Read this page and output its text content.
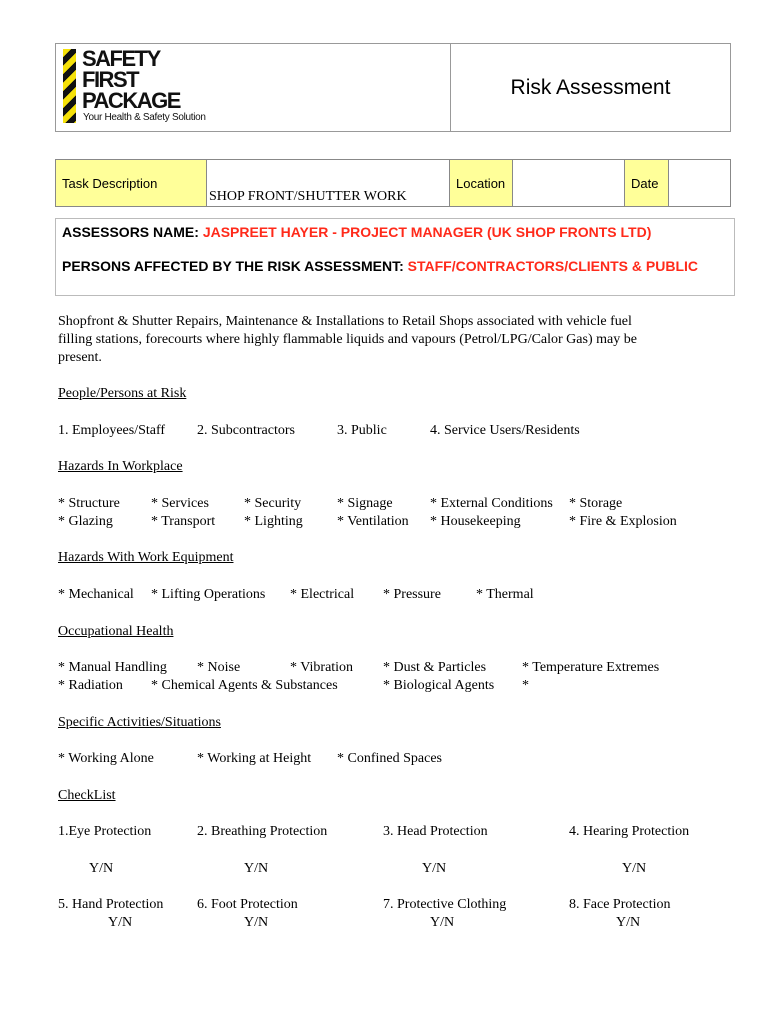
SAFETY
FIRST
PACKAGE
Your Health & Safety Solution
Risk Assessment
Task Description
SHOP FRONT/SHUTTER WORK
Location	Date
ASSESSORS NAME: JASPREET HAYER - PROJECT MANAGER (UK SHOP FRONTS LTD)
PERSONS AFFECTED BY THE RISK ASSESSMENT: STAFF/CONTRACTORS/CLIENTS & PUBLIC
Shopfront & Shutter Repairs, Maintenance & Installations to Retail Shops associated with vehicle fuel
filling stations, forecourts where highly flammable liquids and vapours (Petrol/LPG/Calor Gas) may be
present.
People/Persons at Risk
1. Employees/Staff 2. Subcontractors	3. Public	4. Service Users/Residents
Hazards In Workplace
* Structure * Services	* Security	* Signage	* External Conditions * Storage
* Glazing	* Transport * Lighting * Ventilation * Housekeeping	* Fire & Explosion
Hazards With Work Equipment
* Mechanical * Lifting Operations * Electrical * Pressure	* Thermal
Occupational Health
* Manual Handling * Noise	* Vibration * Dust & Particles	* Temperature Extremes
* Radiation * Chemical Agents & Substances	* Biological Agents *
Specific Activities/Situations
* Working Alone	* Working at Height * Confined Spaces
CheckList
1.Eye Protection	2. Breathing Protection	3. Head Protection	4. Hearing Protection
Y/N	Y/N	Y/N	Y/N
5. Hand Protection 6. Foot Protection	7. Protective Clothing	8. Face Protection
Y/N	Y/N	Y/N	Y/N
